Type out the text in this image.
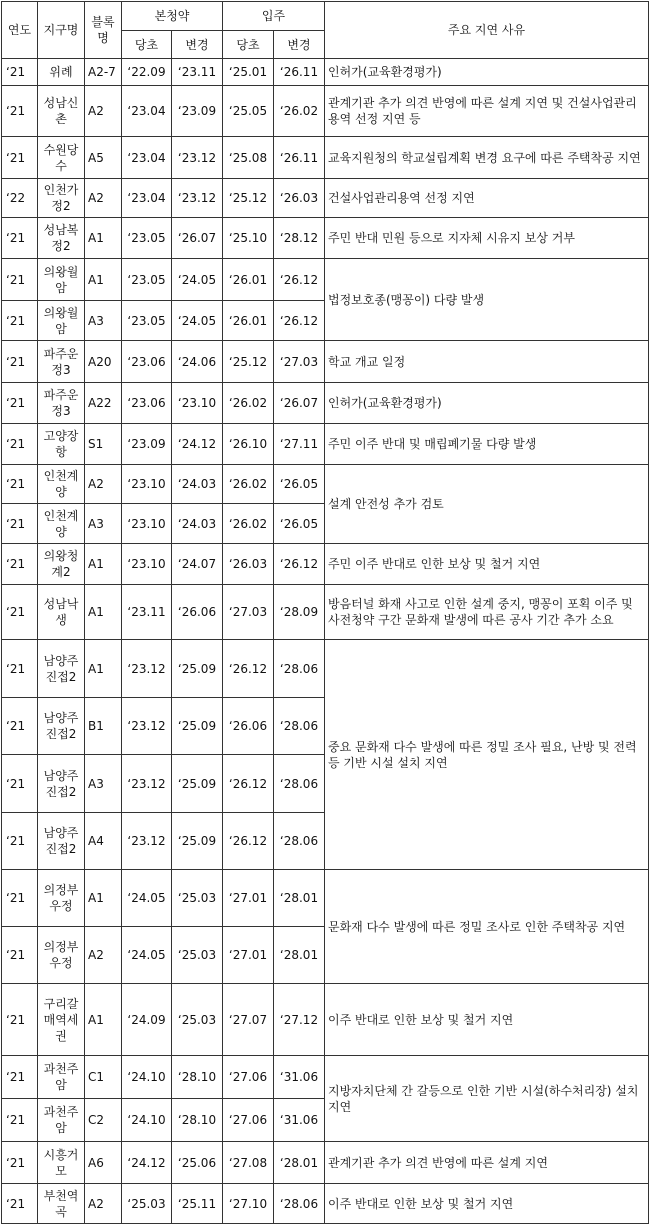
연도	지구명	블록명	본청약		입주		주요 지연 사유
			당초	변경	당초	변경	
‘21	위례	A2-7	‘22.09	‘23.11	‘25.01	‘26.11	인허가(교육환경평가)
‘21	성남신촌	A2	‘23.04	‘23.09	‘25.05	‘26.02	관계기관 추가 의견 반영에 따른 설계 지연 및 건설사업관리용역 선정 지연 등
‘21	수원당수	A5	‘23.04	‘23.12	‘25.08	‘26.11	교육지원청의 학교설립계획 변경 요구에 따른 주택착공 지연
‘22	인천가정2	A2	‘23.04	‘23.12	‘25.12	‘26.03	건설사업관리용역 선정 지연
‘21	성남복정2	A1	‘23.05	‘26.07	‘25.10	‘28.12	주민 반대 민원 등으로 지자체 시유지 보상 거부
‘21	의왕월암	A1	‘23.05	‘24.05	‘26.01	‘26.12	법정보호종(맹꽁이) 다량 발생
‘21	의왕월암	A3	‘23.05	‘24.05	‘26.01	‘26.12	
‘21	파주운정3	A20	‘23.06	‘24.06	‘25.12	‘27.03	학교 개교 일정
‘21	파주운정3	A22	‘23.06	‘23.10	‘26.02	‘26.07	인허가(교육환경평가)
‘21	고양장항	S1	‘23.09	‘24.12	‘26.10	‘27.11	주민 이주 반대 및 매립폐기물 다량 발생
‘21	인천계양	A2	‘23.10	‘24.03	‘26.02	‘26.05	설계 안전성 추가 검토
‘21	인천계양	A3	‘23.10	‘24.03	‘26.02	‘26.05	
‘21	의왕청계2	A1	‘23.10	‘24.07	‘26.03	‘26.12	주민 이주 반대로 인한 보상 및 철거 지연
‘21	성남낙생	A1	‘23.11	‘26.06	‘27.03	‘28.09	방음터널 화재 사고로 인한 설계 중지, 맹꽁이 포획 이주 및 사전청약 구간 문화재 발생에 따른 공사 기간 추가 소요
‘21	남양주진접2	A1	‘23.12	‘25.09	‘26.12	‘28.06	중요 문화재 다수 발생에 따른 정밀 조사 필요, 난방 및 전력 등 기반 시설 설치 지연
‘21	남양주진접2	B1	‘23.12	‘25.09	‘26.06	‘28.06	
‘21	남양주진접2	A3	‘23.12	‘25.09	‘26.12	‘28.06	
‘21	남양주진접2	A4	‘23.12	‘25.09	‘26.12	‘28.06	
‘21	의정부우정	A1	‘24.05	‘25.03	‘27.01	‘28.01	문화재 다수 발생에 따른 정밀 조사로 인한 주택착공 지연
‘21	의정부우정	A2	‘24.05	‘25.03	‘27.01	‘28.01	
‘21	구리갈매역세권	A1	‘24.09	‘25.03	‘27.07	‘27.12	이주 반대로 인한 보상 및 철거 지연
‘21	과천주암	C1	‘24.10	‘28.10	‘27.06	‘31.06	지방자치단체 간 갈등으로 인한 기반 시설(하수처리장) 설치 지연
‘21	과천주암	C2	‘24.10	‘28.10	‘27.06	‘31.06	
‘21	시흥거모	A6	‘24.12	‘25.06	‘27.08	‘28.01	관계기관 추가 의견 반영에 따른 설계 지연
‘21	부천역곡	A2	‘25.03	‘25.11	‘27.10	‘28.06	이주 반대로 인한 보상 및 철거 지연
